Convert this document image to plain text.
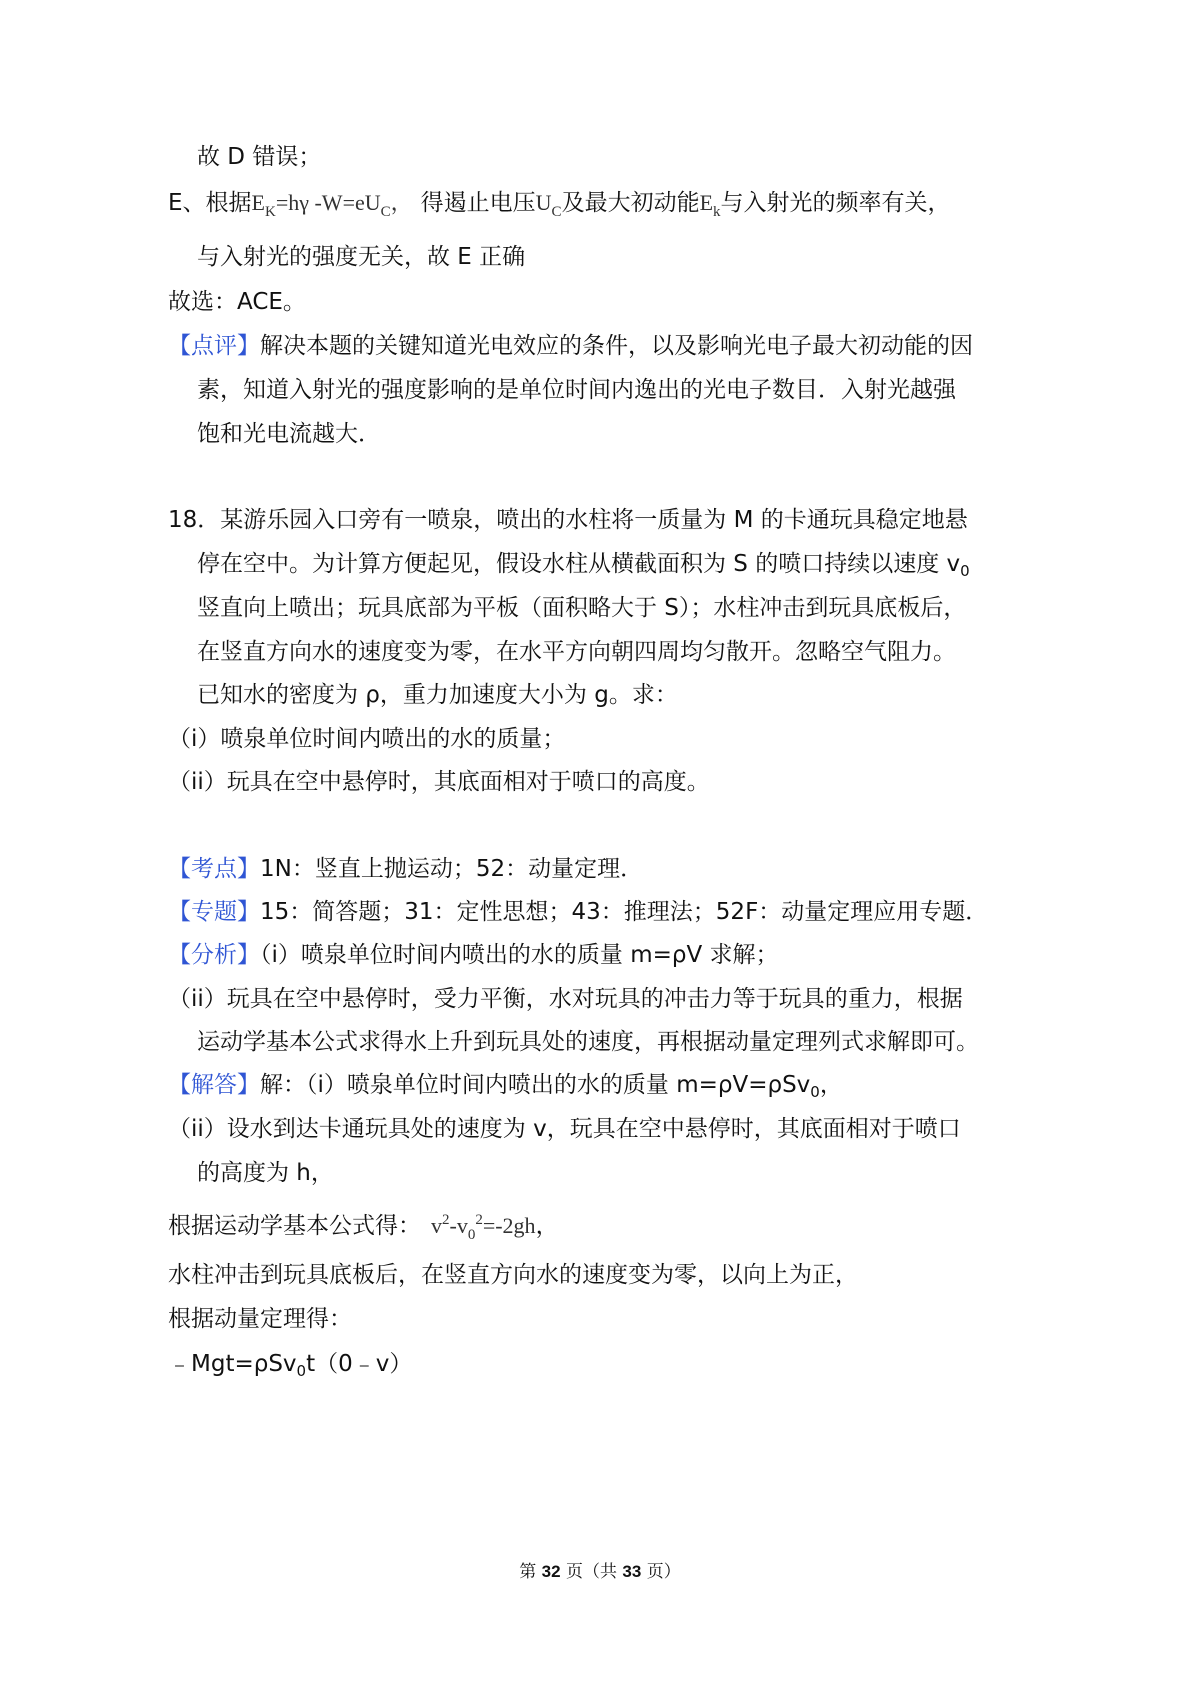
故 D 错误；
E、根据$E_K=h\gamma$ $-W=eU_C$， 得遏止电压$U_C$及最大初动能$E_k$与入射光的频率有关，
与入射光的强度无关，故 E 正确
故选：ACE。
【点评】解决本题的关键知道光电效应的条件，以及影响光电子最大初动能的因
素，知道入射光的强度影响的是单位时间内逸出的光电子数目．入射光越强
饱和光电流越大．
18．某游乐园入口旁有一喷泉，喷出的水柱将一质量为 M 的卡通玩具稳定地悬
停在空中。为计算方便起见，假设水柱从横截面积为 S 的喷口持续以速度 $v_0$
竖直向上喷出；玩具底部为平板（面积略大于 S）；水柱冲击到玩具底板后，
在竖直方向水的速度变为零，在水平方向朝四周均匀散开。忽略空气阻力。
已知水的密度为 ρ，重力加速度大小为 g。求：
（i）喷泉单位时间内喷出的水的质量；
（ii）玩具在空中悬停时，其底面相对于喷口的高度。
【考点】1N：竖直上抛运动；52：动量定理．
【专题】15：简答题；31：定性思想；43：推理法；52F：动量定理应用专题．
【分析】（i）喷泉单位时间内喷出的水的质量 m=ρV 求解；
（ii）玩具在空中悬停时，受力平衡，水对玩具的冲击力等于玩具的重力，根据
运动学基本公式求得水上升到玩具处的速度，再根据动量定理列式求解即可。
【解答】解：（i）喷泉单位时间内喷出的水的质量 m=ρV=ρSv$_0$，
（ii）设水到达卡通玩具处的速度为 v，玩具在空中悬停时，其底面相对于喷口
的高度为 h，
根据运动学基本公式得： $v^2-v_0^2=-2gh$，
水柱冲击到玩具底板后，在竖直方向水的速度变为零，以向上为正，
根据动量定理得：
﹣Mgt=ρSv$_0$t（0﹣v）
第 32 页（共 33 页）
